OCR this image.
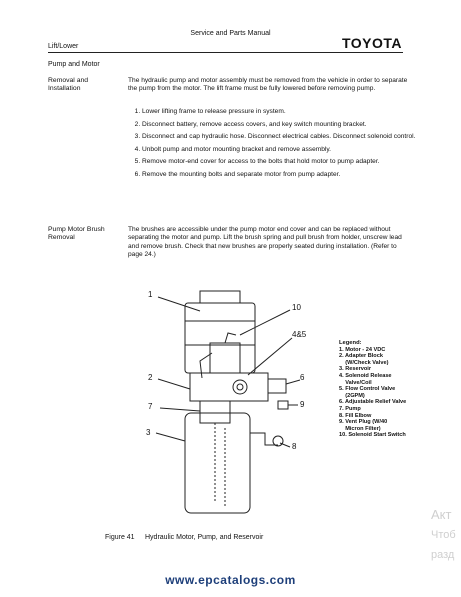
Service and Parts Manual
Lift/Lower	TOYOTA
Pump and Motor
Removal and
Installation
The hydraulic pump and motor assembly must be removed from the vehicle in order to separate the pump from the motor. The lift frame must be fully lowered before removing pump.
1. Lower lifting frame to release pressure in system.
2. Disconnect battery, remove access covers, and key switch mounting bracket.
3. Disconnect and cap hydraulic hose. Disconnect electrical cables. Disconnect solenoid control.
4. Unbolt pump and motor mounting bracket and remove assembly.
5. Remove motor-end cover for access to the bolts that hold motor to pump adapter.
6. Remove the mounting bolts and separate motor from pump adapter.
Pump Motor Brush
Removal
The brushes are accessible under the pump motor end cover and can be replaced without separating the motor and pump. Lift the brush spring and pull brush from holder, unscrew lead and remove brush. Check that new brushes are properly seated during installation. (Refer to page 24.)
1
10
4&5
2	6
7	9
3
8
Legend:
1. Motor - 24 VDC
2. Adapter Block
(W/Check Valve)
3. Reservoir
4. Solenoid Release
Valve/Coil
5. Flow Control Valve
(2GPM)
6. Adjustable Relief Valve
7. Pump
8. Fill Elbow
9. Vent Plug (W/40
Micron Filter)
10. Solenoid Start Switch
Figure 41 Hydraulic Motor, Pump, and Reservoir
Акт
Чтоб
разд
www.epcatalogs.com
